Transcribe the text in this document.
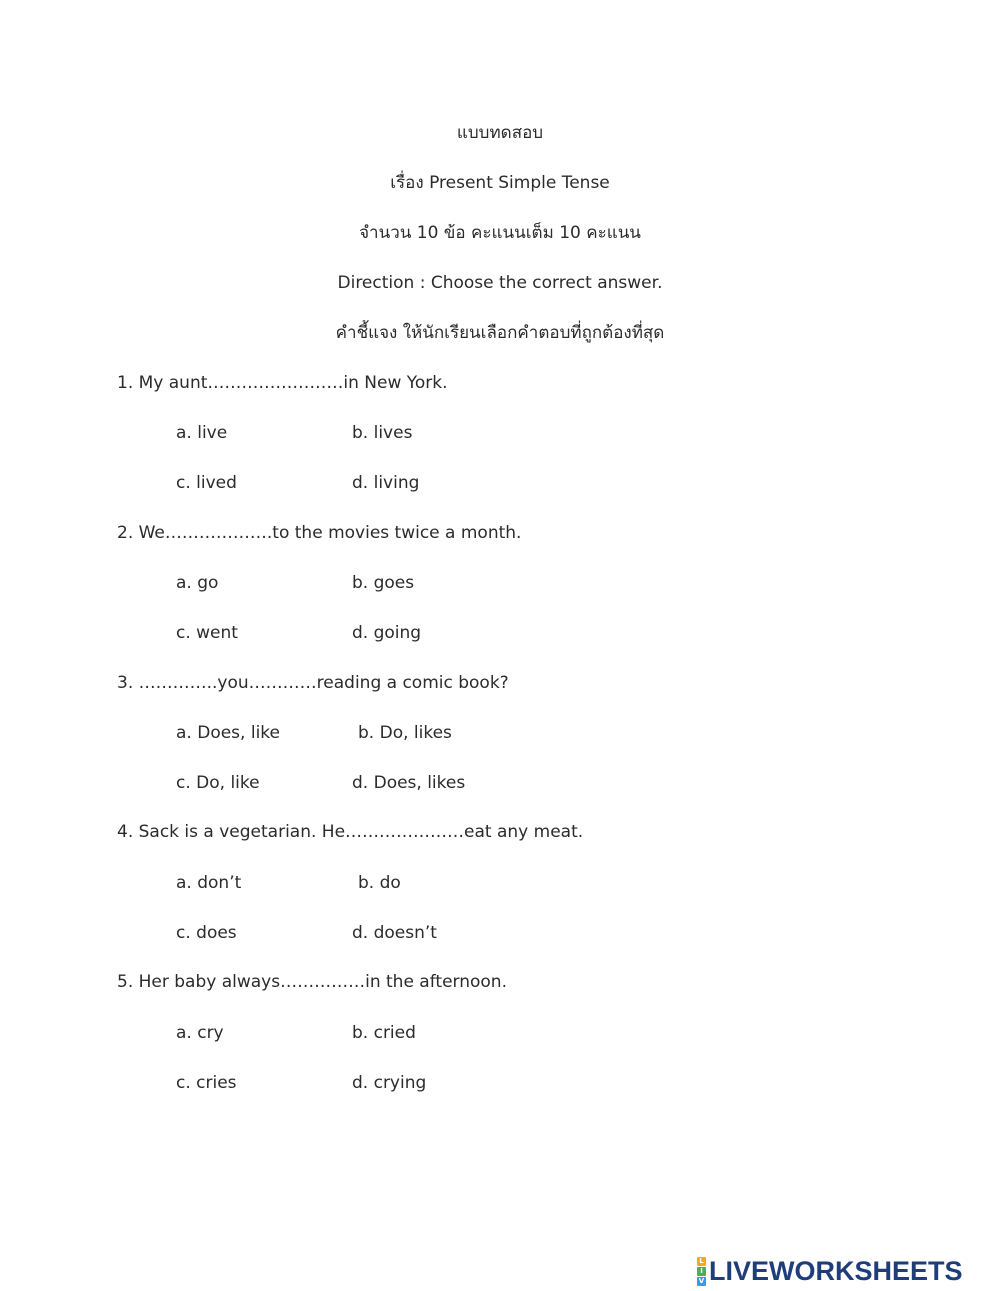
แบบทดสอบ
เรื่อง Present Simple Tense
จำนวน 10 ข้อ คะแนนเต็ม 10 คะแนน
Direction : Choose the correct answer.
คำชี้แจง ให้นักเรียนเลือกคำตอบที่ถูกต้องที่สุด
1. My aunt……………………in New York.
a. live	b. lives
c. lived	d. living
2. We……………….to the movies twice a month.
a. go	b. goes
c. went	d. going
3. …………..you…………reading a comic book?
a. Does, like	b. Do, likes
c. Do, like	d. Does, likes
4. Sack is a vegetarian. He…………………eat any meat.
a. don’t	b. do
c. does	d. doesn’t
5. Her baby always……………in the afternoon.
a. cry	b. cried
c. cries	d. crying
L
I
V LIVEWORKSHEETS
